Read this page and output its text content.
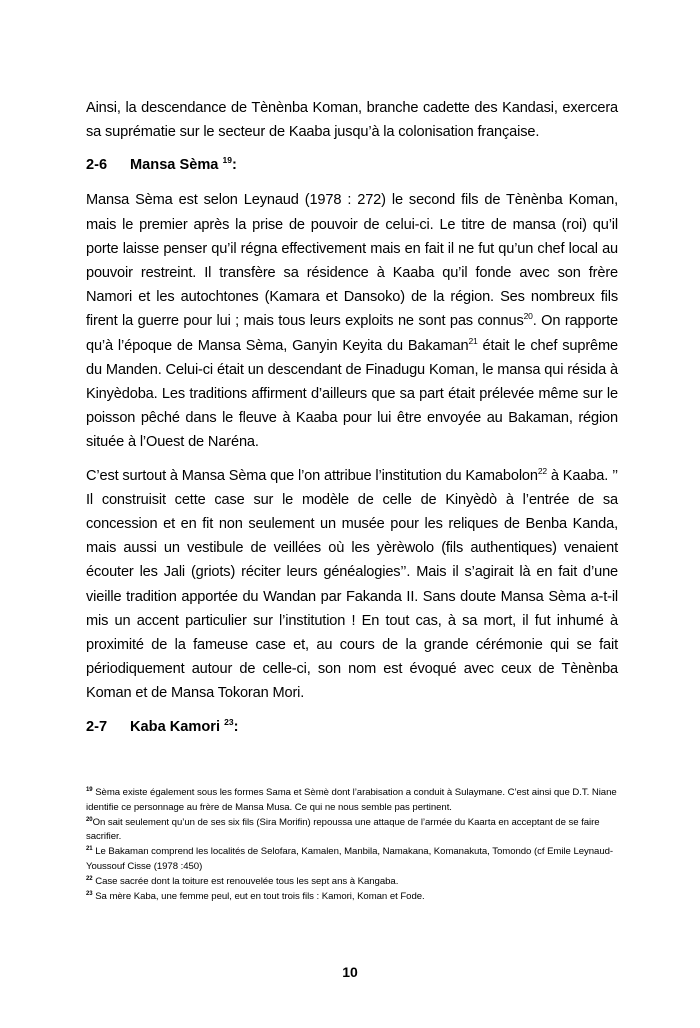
Ainsi, la descendance de Tènènba Koman, branche cadette des Kandasi, exercera sa suprématie sur le secteur de Kaaba jusqu’à la colonisation française.

2-6 Mansa Sèma $^{19}$:

Mansa Sèma est selon Leynaud (1978 : 272) le second fils de Tènènba Koman, mais le premier après la prise de pouvoir de celui-ci. Le titre de mansa (roi) qu’il porte laisse penser qu’il régna effectivement mais en fait il ne fut qu’un chef local au pouvoir restreint. Il transfère sa résidence à Kaaba qu’il fonde avec son frère Namori et les autochtones (Kamara et Dansoko) de la région. Ses nombreux fils firent la guerre pour lui ; mais tous leurs exploits ne sont pas connus$^{20}$. On rapporte qu’à l’époque de Mansa Sèma, Ganyin Keyita du Bakaman$^{21}$ était le chef suprême du Manden. Celui-ci était un descendant de Finadugu Koman, le mansa qui résida à Kinyèdoba. Les traditions affirment d’ailleurs que sa part était prélevée même sur le poisson pêché dans le fleuve à Kaaba pour lui être envoyée au Bakaman, région située à l’Ouest de Naréna.

C’est surtout à Mansa Sèma que l’on attribue l’institution du Kamabolon$^{22}$ à Kaaba. ’’ Il construisit cette case sur le modèle de celle de Kinyèdò à l’entrée de sa concession et en fit non seulement un musée pour les reliques de Benba Kanda, mais aussi un vestibule de veillées où les yèrèwolo (fils authentiques) venaient écouter les Jali (griots) réciter leurs généalogies’’. Mais il s’agirait là en fait d’une vieille tradition apportée du Wandan par Fakanda II. Sans doute Mansa Sèma a-t-il mis un accent particulier sur l’institution ! En tout cas, à sa mort, il fut inhumé à proximité de la fameuse case et, au cours de la grande cérémonie qui se fait périodiquement autour de celle-ci, son nom est évoqué avec ceux de Tènènba Koman et de Mansa Tokoran Mori.

2-7 Kaba Kamori $^{23}$:

$^{19}$ Sèma existe également sous les formes Sama et Sèmè dont l’arabisation a conduit à Sulaymane. C’est ainsi que D.T. Niane identifie ce personnage au frère de Mansa Musa. Ce qui ne nous semble pas pertinent.

$^{20}$On sait seulement qu’un de ses six fils (Sira Morifin) repoussa une attaque de l’armée du Kaarta en acceptant de se faire sacrifier.

$^{21}$ Le Bakaman comprend les localités de Selofara, Kamalen, Manbila, Namakana, Komanakuta, Tomondo (cf Emile Leynaud- Youssouf Cisse (1978 :450)

$^{22}$ Case sacrée dont la toiture est renouvelée tous les sept ans à Kangaba.

$^{23}$ Sa mère Kaba, une femme peul, eut en tout trois fils : Kamori, Koman et Fode.

10
